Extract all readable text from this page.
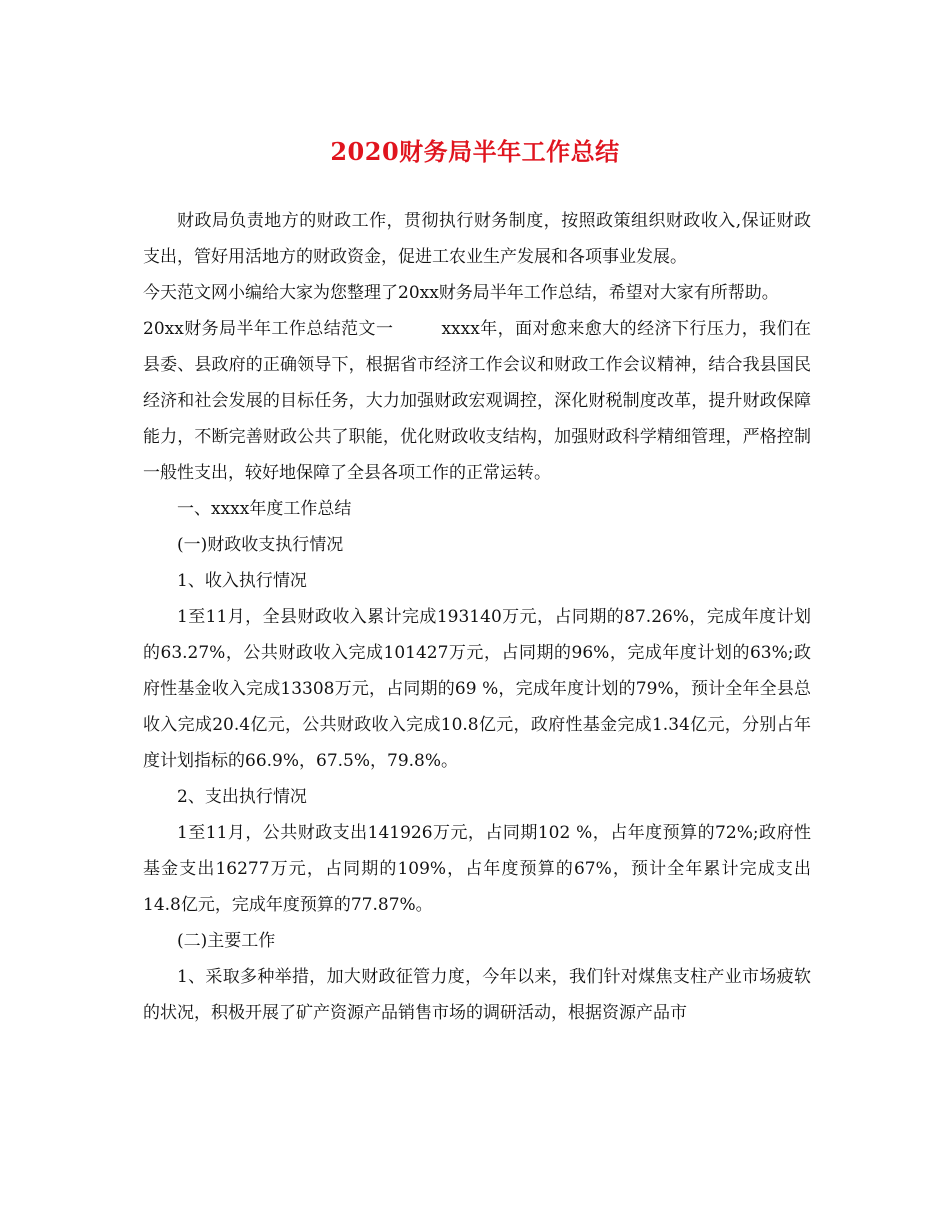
2020财务局半年工作总结

财政局负责地方的财政工作，贯彻执行财务制度，按照政策组织财政收入,保证财政支出，管好用活地方的财政资金，促进工农业生产发展和各项事业发展。

今天范文网小编给大家为您整理了20xx财务局半年工作总结，希望对大家有所帮助。

20xx财务局半年工作总结范文一	xxxx年，面对愈来愈大的经济下行压力，我们在县委、县政府的正确领导下，根据省市经济工作会议和财政工作会议精神，结合我县国民经济和社会发展的目标任务，大力加强财政宏观调控，深化财税制度改革，提升财政保障能力，不断完善财政公共了职能，优化财政收支结构，加强财政科学精细管理，严格控制一般性支出，较好地保障了全县各项工作的正常运转。

一、xxxx年度工作总结

(一)财政收支执行情况

1、收入执行情况

1至11月，全县财政收入累计完成193140万元，占同期的87.26%，完成年度计划的63.27%，公共财政收入完成101427万元，占同期的96%，完成年度计划的63%;政府性基金收入完成13308万元，占同期的69 %，完成年度计划的79%，预计全年全县总收入完成20.4亿元，公共财政收入完成10.8亿元，政府性基金完成1.34亿元，分别占年度计划指标的66.9%，67.5%，79.8%。

2、支出执行情况

1至11月，公共财政支出141926万元，占同期102 %，占年度预算的72%;政府性基金支出16277万元，占同期的109%，占年度预算的67%，预计全年累计完成支出14.8亿元，完成年度预算的77.87%。

(二)主要工作

1、采取多种举措，加大财政征管力度，今年以来，我们针对煤焦支柱产业市场疲软的状况，积极开展了矿产资源产品销售市场的调研活动，根据资源产品市
